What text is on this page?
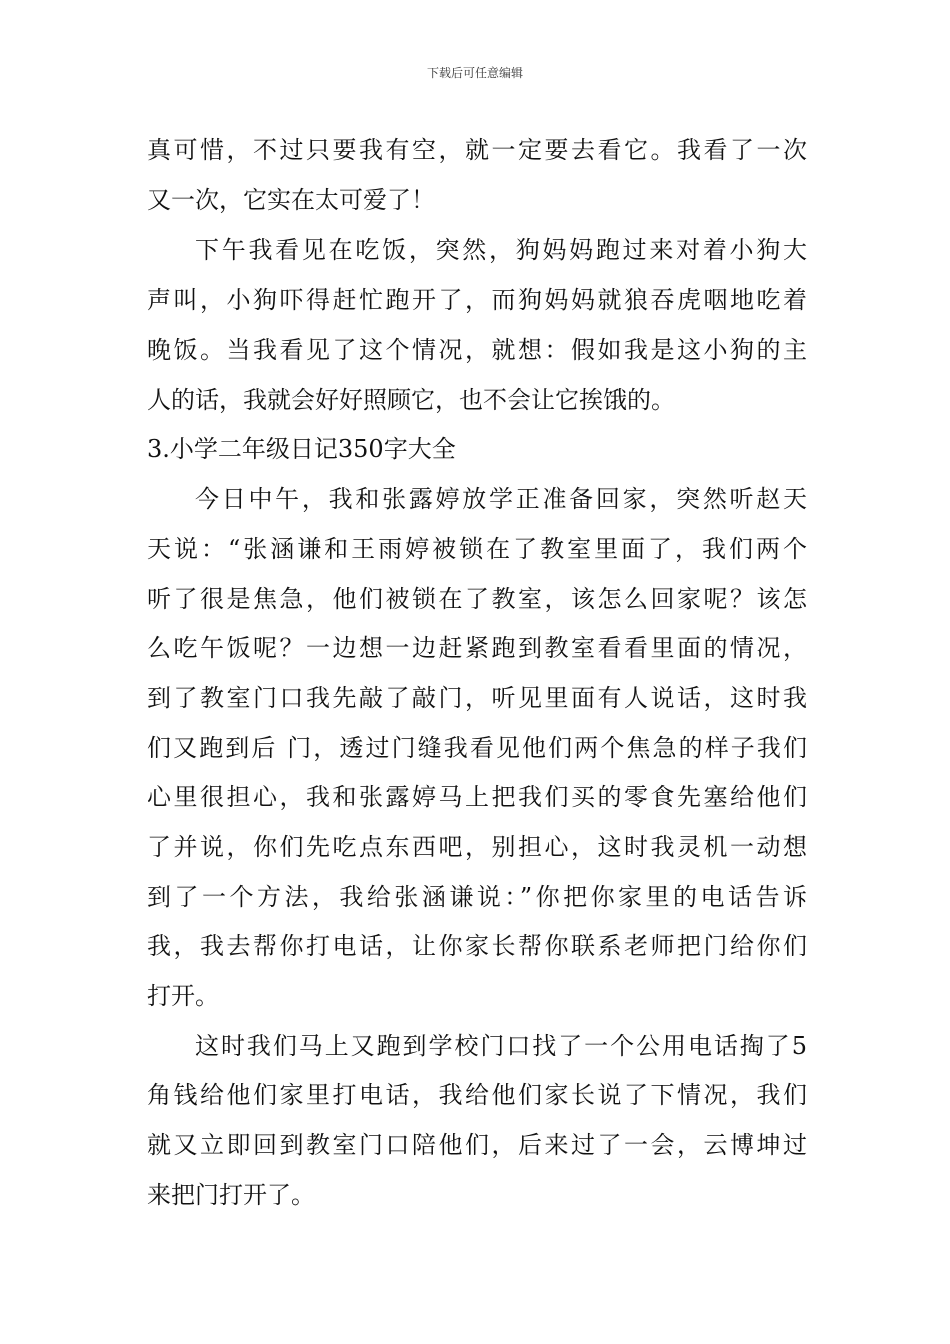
下载后可任意编辑
真可惜，不过只要我有空，就一定要去看它。我看了一次
又一次，它实在太可爱了！
下午我看见在吃饭，突然，狗妈妈跑过来对着小狗大
声叫，小狗吓得赶忙跑开了，而狗妈妈就狼吞虎咽地吃着
晚饭。当我看见了这个情况，就想：假如我是这小狗的主
人的话，我就会好好照顾它，也不会让它挨饿的。
3.小学二年级日记350字大全
今日中午，我和张露婷放学正准备回家，突然听赵天
天说：“张涵谦和王雨婷被锁在了教室里面了，我们两个
听了很是焦急，他们被锁在了教室，该怎么回家呢？该怎
么吃午饭呢？一边想一边赶紧跑到教室看看里面的情况，
到了教室门口我先敲了敲门，听见里面有人说话，这时我
们又跑到后 门，透过门缝我看见他们两个焦急的样子我们
心里很担心，我和张露婷马上把我们买的零食先塞给他们
了并说，你们先吃点东西吧，别担心，这时我灵机一动想
到了一个方法，我给张涵谦说：”你把你家里的电话告诉
我，我去帮你打电话，让你家长帮你联系老师把门给你们
打开。
这时我们马上又跑到学校门口找了一个公用电话掏了5
角钱给他们家里打电话，我给他们家长说了下情况，我们
就又立即回到教室门口陪他们，后来过了一会，云博坤过
来把门打开了。
